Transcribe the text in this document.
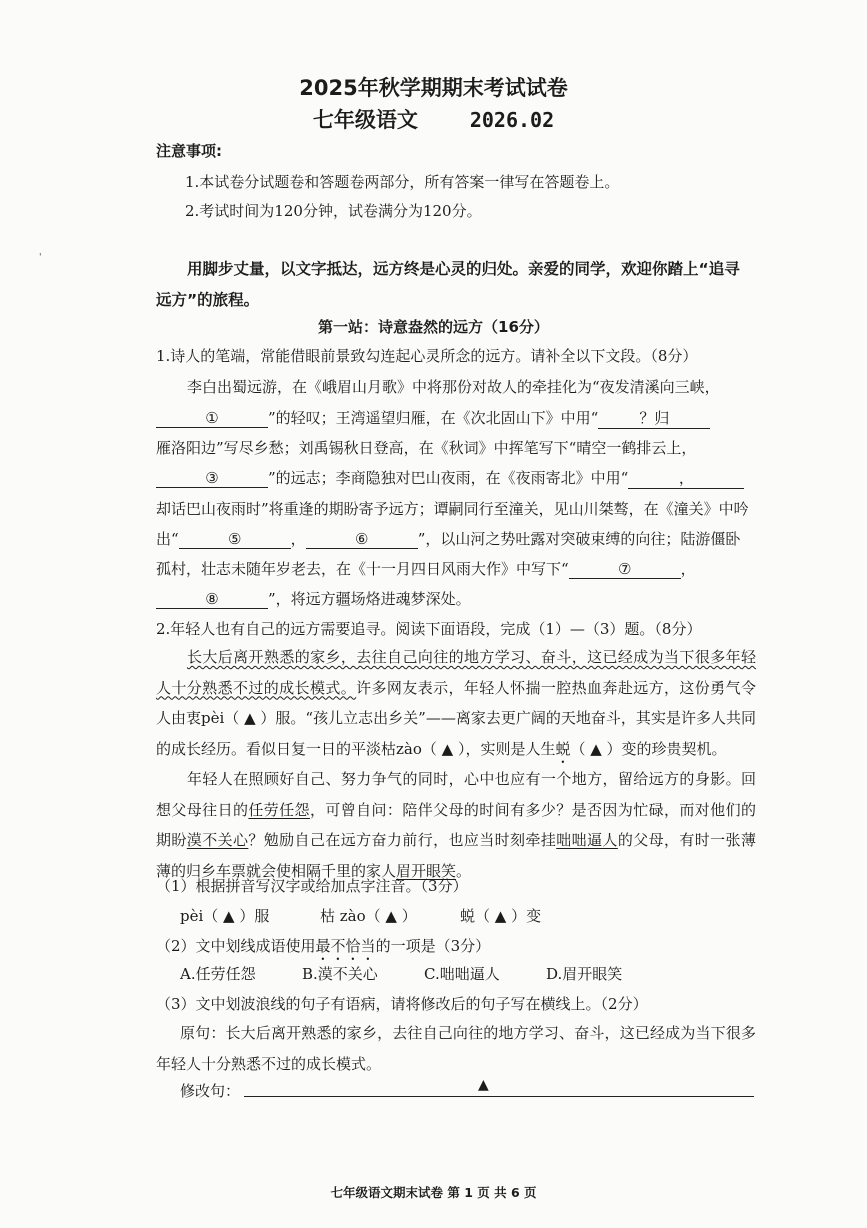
'
2025年秋学期期末考试试卷
七年级语文	2026.02
注意事项:
1.本试卷分试题卷和答题卷两部分，所有答案一律写在答题卷上。
2.考试时间为120分钟，试卷满分为120分。
用脚步丈量，以文字抵达，远方终是心灵的归处。亲爱的同学，欢迎你踏上“追寻远方”的旅程。
第一站：诗意盎然的远方（16分）
1.诗人的笔端，常能借眼前景致勾连起心灵所念的远方。请补全以下文段。（8分）
李白出蜀远游，在《峨眉山月歌》中将那份对故人的牵挂化为“夜发清溪向三峡，
①	”的轻叹；王湾遥望归雁，在《次北固山下》中用“	？归
雁洛阳边”写尽乡愁；刘禹锡秋日登高，在《秋词》中挥笔写下“晴空一鹤排云上，
③	”的远志；李商隐独对巴山夜雨，在《夜雨寄北》中用“	，
却话巴山夜雨时”将重逢的期盼寄予远方；谭嗣同行至潼关，见山川桀骜，在《潼关》中吟
出“	⑤	，	⑥	”，以山河之势吐露对突破束缚的向往；陆游僵卧
孤村，壮志未随年岁老去，在《十一月四日风雨大作》中写下“	⑦	，
⑧	”，将远方疆场烙进魂梦深处。
2.年轻人也有自己的远方需要追寻。阅读下面语段，完成（1）—（3）题。（8分）
长大后离开熟悉的家乡，去往自己向往的地方学习、奋斗，这已经成为当下很多年轻人十分熟悉不过的成长模式。许多网友表示，年轻人怀揣一腔热血奔赴远方，这份勇气令人由衷pèi（ ▲ ）服。“孩儿立志出乡关”——离家去更广阔的天地奋斗，其实是许多人共同的成长经历。看似日复一日的平淡枯zào（ ▲ ），实则是人生蜕（ ▲ ）变的珍贵契机。
年轻人在照顾好自己、努力争气的同时，心中也应有一个地方，留给远方的身影。回想父母往日的任劳任怨，可曾自问：陪伴父母的时间有多少？是否因为忙碌，而对他们的期盼漠不关心？勉励自己在远方奋力前行，也应当时刻牵挂咄咄逼人的父母，有时一张薄薄的归乡车票就会使相隔千里的家人眉开眼笑。
（1）根据拼音写汉字或给加点字注音。（3分）
pèi（ ▲ ）服	枯 zào（ ▲ ）	蜕（ ▲ ）变
（2）文中划线成语使用最不恰当的一项是（3分）
A.任劳任怨	B.漠不关心	C.咄咄逼人	D.眉开眼笑
（3）文中划波浪线的句子有语病，请将修改后的句子写在横线上。（2分）
原句：长大后离开熟悉的家乡，去往自己向往的地方学习、奋斗，这已经成为当下很多年轻人十分熟悉不过的成长模式。
修改句：	▲
七年级语文期末试卷 第 1 页 共 6 页
